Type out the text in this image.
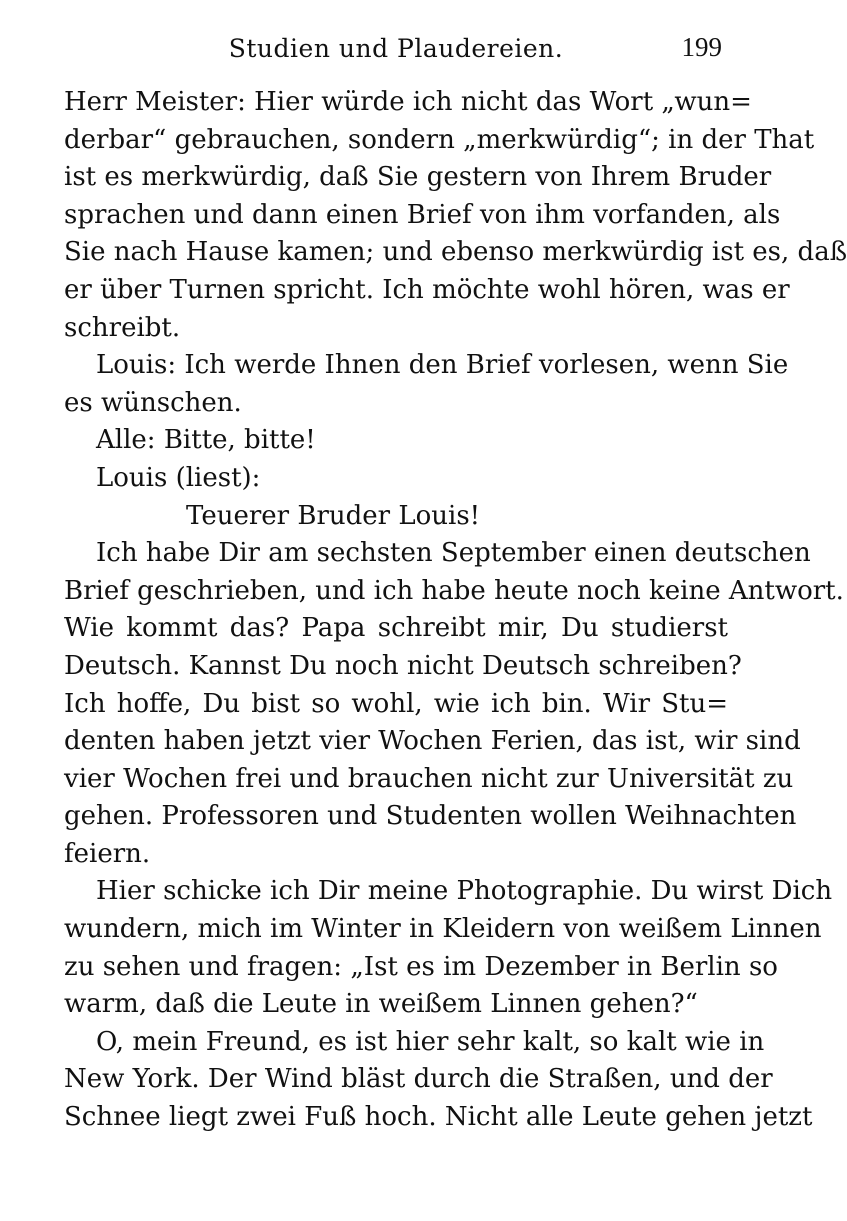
Studien und Plaudereien.	199
Herr Meister: Hier würde ich nicht das Wort „wun=
derbar“ gebrauchen, sondern „merkwürdig“; in der That
ist es merkwürdig, daß Sie gestern von Ihrem Bruder
sprachen und dann einen Brief von ihm vorfanden, als
Sie nach Hause kamen; und ebenso merkwürdig ist es, daß
er über Turnen spricht. Ich möchte wohl hören, was er
schreibt.
Louis: Ich werde Ihnen den Brief vorlesen, wenn Sie
es wünschen.
Alle: Bitte, bitte!
Louis (liest):
Teuerer Bruder Louis!
Ich habe Dir am sechsten September einen deutschen
Brief geschrieben, und ich habe heute noch keine Antwort.
Wie kommt das? Papa schreibt mir, Du studierst
Deutsch. Kannst Du noch nicht Deutsch schreiben?
Ich hoffe, Du bist so wohl, wie ich bin. Wir Stu=
denten haben jetzt vier Wochen Ferien, das ist, wir sind
vier Wochen frei und brauchen nicht zur Universität zu
gehen. Professoren und Studenten wollen Weihnachten
feiern.
Hier schicke ich Dir meine Photographie. Du wirst Dich
wundern, mich im Winter in Kleidern von weißem Linnen
zu sehen und fragen: „Ist es im Dezember in Berlin so
warm, daß die Leute in weißem Linnen gehen?“
O, mein Freund, es ist hier sehr kalt, so kalt wie in
New York. Der Wind bläst durch die Straßen, und der
Schnee liegt zwei Fuß hoch. Nicht alle Leute gehen jetzt
